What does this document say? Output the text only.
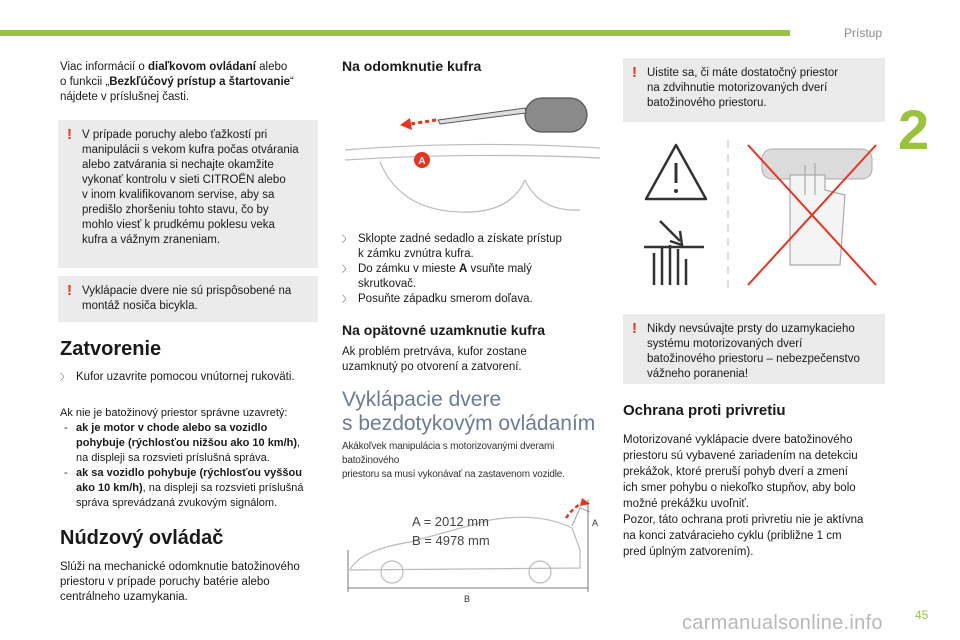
Prístup
2
45

Viac informácií o diaľkovom ovládaní alebo
o funkcii „Bezkľúčový prístup a štartovanie“
nájdete v príslušnej časti.

! V prípade poruchy alebo ťažkostí pri
manipulácii s vekom kufra počas otvárania
alebo zatvárania si nechajte okamžite
vykonať kontrolu v sieti CITROËN alebo
v inom kvalifikovanom servise, aby sa
predišlo zhoršeniu tohto stavu, čo by
mohlo viesť k prudkému poklesu veka
kufra a vážnym zraneniam.
! Vyklápacie dvere nie sú prispôsobené na
montáž nosiča bicykla.
Zatvorenie
〉 Kufor uzavrite pomocou vnútornej rukoväti.

Ak nie je batožinový priestor správne uzavretý:

- ak je motor v chode alebo sa vozidlo
pohybuje (rýchlosťou nižšou ako 10 km/h),
na displeji sa rozsvieti príslušná správa.
- ak sa vozidlo pohybuje (rýchlosťou vyššou
ako 10 km/h), na displeji sa rozsvieti príslušná
správa sprevádzaná zvukovým signálom.
Núdzový ovládač

Slúži na mechanické odomknutie batožinového
priestoru v prípade poruchy batérie alebo
centrálneho uzamykania.

Na odomknutie kufra
A
〉 Sklopte zadné sedadlo a získate prístup
k zámku zvnútra kufra.
〉 Do zámku v mieste A vsuňte malý
skrutkovač.
〉 Posuňte západku smerom doľava.
Na opätovné uzamknutie kufra

Ak problém pretrváva, kufor zostane
uzamknutý po otvorení a zatvorení.

Vyklápacie dvere
s bezdotykovým ovládaním
Akákoľvek manipulácia s motorizovanými dverami batožinového
priestoru sa musí vykonávať na zastavenom vozidle.
A
B
A = 2012 mm
B = 4978 mm
! Uistite sa, či máte dostatočný priestor
na zdvihnutie motorizovaných dverí
batožinového priestoru.
! Nikdy nevsúvajte prsty do uzamykacieho
systému motorizovaných dverí
batožinového priestoru – nebezpečenstvo
vážneho poranenia!
Ochrana proti privretiu

Motorizované vyklápacie dvere batožinového
priestoru sú vybavené zariadením na detekciu
prekážok, ktoré preruší pohyb dverí a zmení
ich smer pohybu o niekoľko stupňov, aby bolo
možné prekážku uvoľniť.
Pozor, táto ochrana proti privretiu nie je aktívna
na konci zatváracieho cyklu (približne 1 cm
pred úplným zatvorením).

carmanualsonline.info
